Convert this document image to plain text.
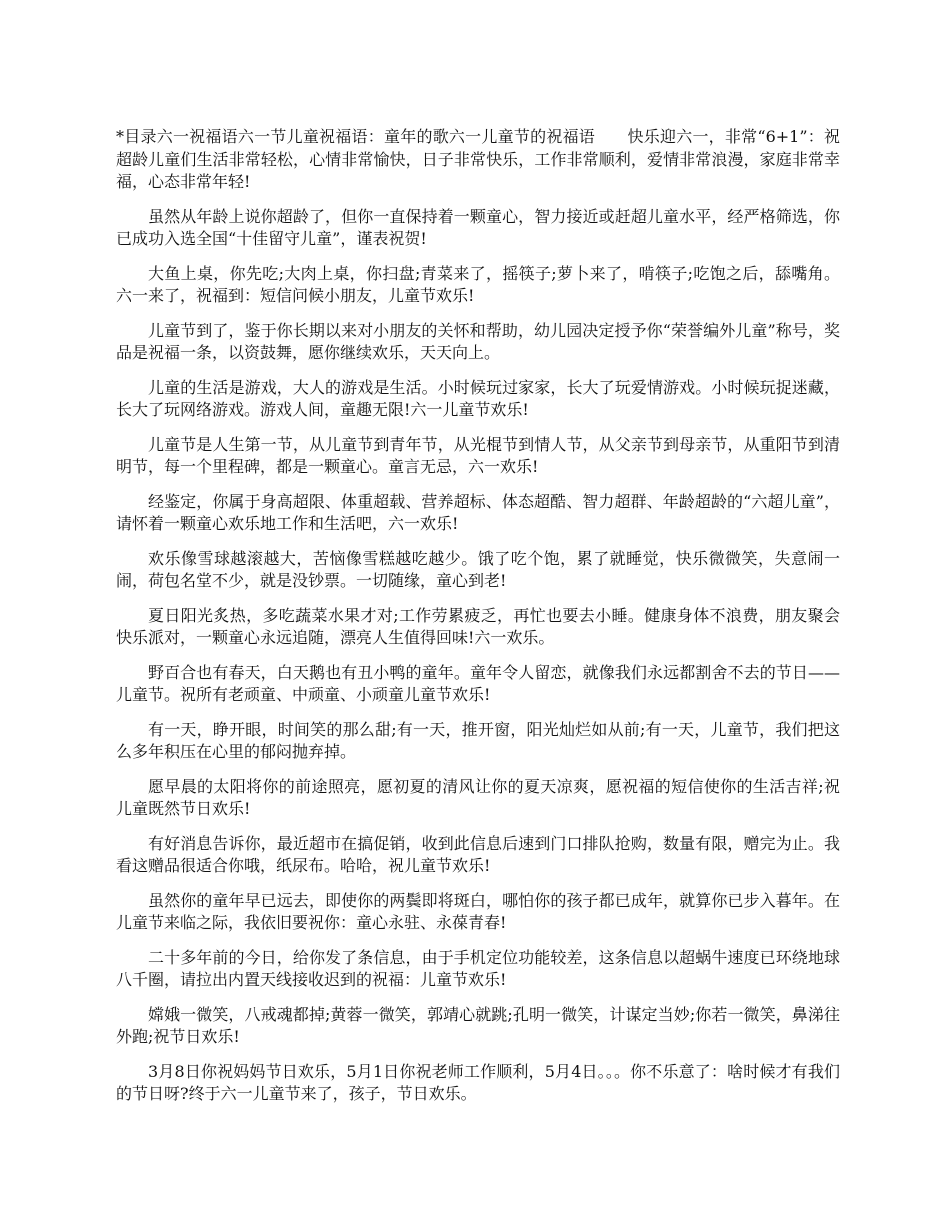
*目录六一祝福语六一节儿童祝福语：童年的歌六一儿童节的祝福语　　快乐迎六一，非常“6+1”：祝超龄儿童们生活非常轻松，心情非常愉快，日子非常快乐，工作非常顺利，爱情非常浪漫，家庭非常幸福，心态非常年轻!

虽然从年龄上说你超龄了，但你一直保持着一颗童心，智力接近或赶超儿童水平，经严格筛选，你已成功入选全国“十佳留守儿童”，谨表祝贺!

大鱼上桌，你先吃;大肉上桌，你扫盘;青菜来了，摇筷子;萝卜来了，啃筷子;吃饱之后，舔嘴角。六一来了，祝福到：短信问候小朋友，儿童节欢乐!

儿童节到了，鉴于你长期以来对小朋友的关怀和帮助，幼儿园决定授予你“荣誉编外儿童”称号，奖品是祝福一条，以资鼓舞，愿你继续欢乐，天天向上。

儿童的生活是游戏，大人的游戏是生活。小时候玩过家家，长大了玩爱情游戏。小时候玩捉迷藏，长大了玩网络游戏。游戏人间，童趣无限!六一儿童节欢乐!

儿童节是人生第一节，从儿童节到青年节，从光棍节到情人节，从父亲节到母亲节，从重阳节到清明节，每一个里程碑，都是一颗童心。童言无忌，六一欢乐!

经鉴定，你属于身高超限、体重超载、营养超标、体态超酷、智力超群、年龄超龄的“六超儿童”，请怀着一颗童心欢乐地工作和生活吧，六一欢乐!

欢乐像雪球越滚越大，苦恼像雪糕越吃越少。饿了吃个饱，累了就睡觉，快乐微微笑，失意闹一闹，荷包名堂不少，就是没钞票。一切随缘，童心到老!

夏日阳光炙热，多吃蔬菜水果才对;工作劳累疲乏，再忙也要去小睡。健康身体不浪费，朋友聚会快乐派对，一颗童心永远追随，漂亮人生值得回味!六一欢乐。

野百合也有春天，白天鹅也有丑小鸭的童年。童年令人留恋，就像我们永远都割舍不去的节日——儿童节。祝所有老顽童、中顽童、小顽童儿童节欢乐!

有一天，睁开眼，时间笑的那么甜;有一天，推开窗，阳光灿烂如从前;有一天，儿童节，我们把这么多年积压在心里的郁闷抛弃掉。

愿早晨的太阳将你的前途照亮，愿初夏的清风让你的夏天凉爽，愿祝福的短信使你的生活吉祥;祝儿童既然节日欢乐!

有好消息告诉你，最近超市在搞促销，收到此信息后速到门口排队抢购，数量有限，赠完为止。我看这赠品很适合你哦，纸尿布。哈哈，祝儿童节欢乐!

虽然你的童年早已远去，即使你的两鬓即将斑白，哪怕你的孩子都已成年，就算你已步入暮年。在儿童节来临之际，我依旧要祝你：童心永驻、永葆青春!

二十多年前的今日，给你发了条信息，由于手机定位功能较差，这条信息以超蜗牛速度已环绕地球八千圈，请拉出内置天线接收迟到的祝福：儿童节欢乐!

嫦娥一微笑，八戒魂都掉;黄蓉一微笑，郭靖心就跳;孔明一微笑，计谋定当妙;你若一微笑，鼻涕往外跑;祝节日欢乐!

3月8日你祝妈妈节日欢乐，5月1日你祝老师工作顺利，5月4日。。。你不乐意了：啥时候才有我们的节日呀?终于六一儿童节来了，孩子，节日欢乐。
